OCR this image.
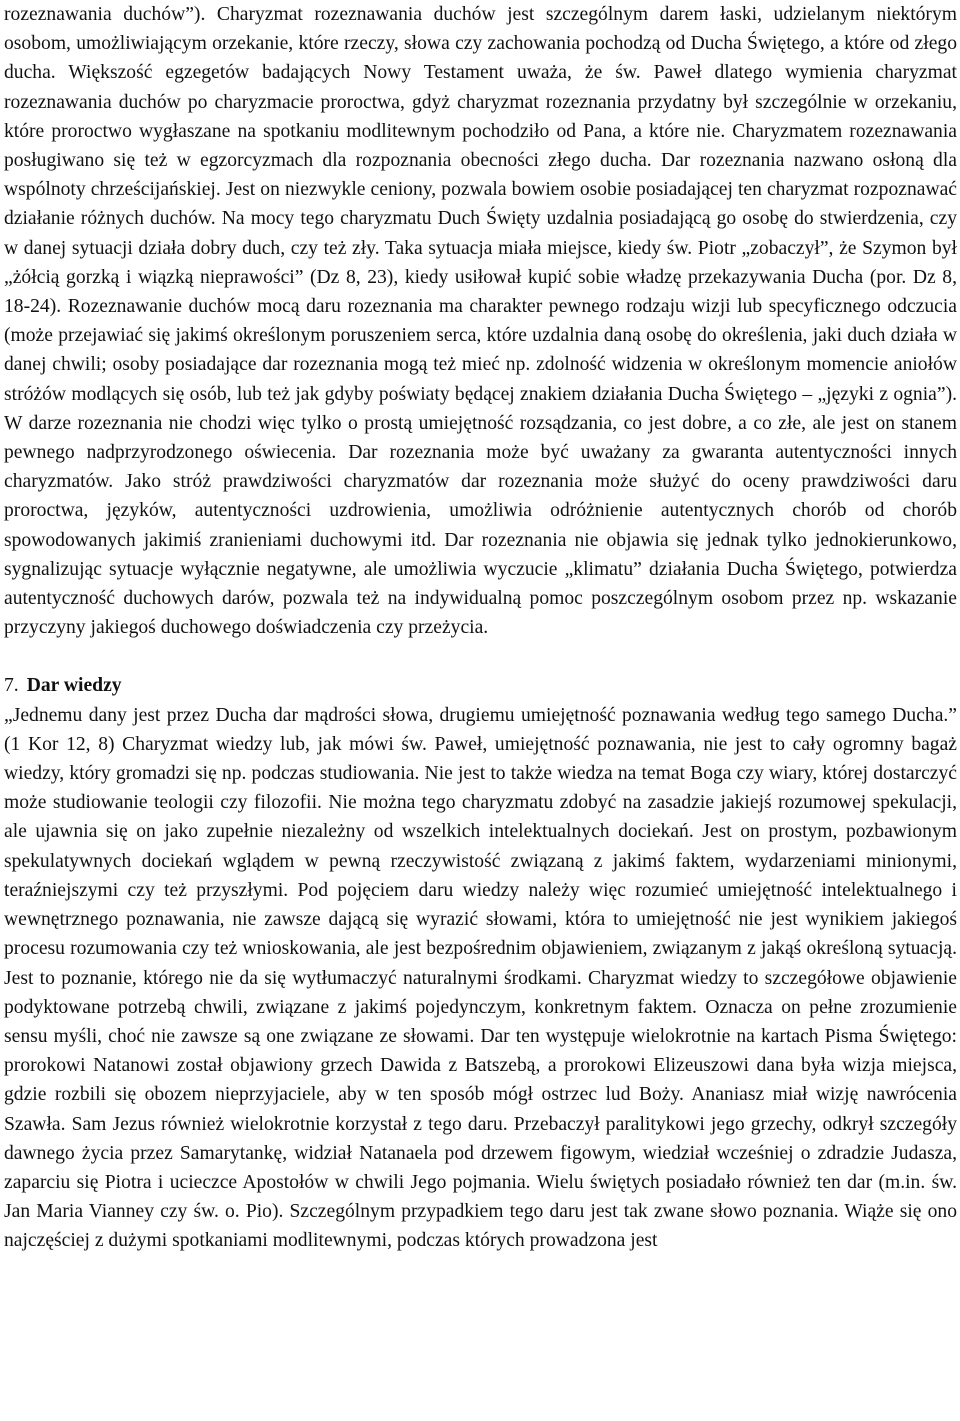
rozeznawania duchów”). Charyzmat rozeznawania duchów jest szczególnym darem łaski, udzielanym niektórym osobom, umożliwiającym orzekanie, które rzeczy, słowa czy zachowania pochodzą od Ducha Świętego, a które od złego ducha. Większość egzegetów badających Nowy Testament uważa, że św. Paweł dlatego wymienia charyzmat rozeznawania duchów po charyzmacie proroctwa, gdyż charyzmat rozeznania przydatny był szczególnie w orzekaniu, które proroctwo wygłaszane na spotkaniu modlitewnym pochodziło od Pana, a które nie. Charyzmatem rozeznawania posługiwano się też w egzorcyzmach dla rozpoznania obecności złego ducha. Dar rozeznania nazwano osłoną dla wspólnoty chrześcijańskiej. Jest on niezwykle ceniony, pozwala bowiem osobie posiadającej ten charyzmat rozpoznawać działanie różnych duchów. Na mocy tego charyzmatu Duch Święty uzdalnia posiadającą go osobę do stwierdzenia, czy w danej sytuacji działa dobry duch, czy też zły. Taka sytuacja miała miejsce, kiedy św. Piotr „zobaczył”, że Szymon był „żółcią gorzką i wiązką nieprawości” (Dz 8, 23), kiedy usiłował kupić sobie władzę przekazywania Ducha (por. Dz 8, 18-24). Rozeznawanie duchów mocą daru rozeznania ma charakter pewnego rodzaju wizji lub specyficznego odczucia (może przejawiać się jakimś określonym poruszeniem serca, które uzdalnia daną osobę do określenia, jaki duch działa w danej chwili; osoby posiadające dar rozeznania mogą też mieć np. zdolność widzenia w określonym momencie aniołów stróżów modlących się osób, lub też jak gdyby poświaty będącej znakiem działania Ducha Świętego – „języki z ognia”). W darze rozeznania nie chodzi więc tylko o prostą umiejętność rozsądzania, co jest dobre, a co złe, ale jest on stanem pewnego nadprzyrodzonego oświecenia. Dar rozeznania może być uważany za gwaranta autentyczności innych charyzmatów. Jako stróż prawdziwości charyzmatów dar rozeznania może służyć do oceny prawdziwości daru proroctwa, języków, autentyczności uzdrowienia, umożliwia odróżnienie autentycznych chorób od chorób spowodowanych jakimiś zranieniami duchowymi itd. Dar rozeznania nie objawia się jednak tylko jednokierunkowo, sygnalizując sytuacje wyłącznie negatywne, ale umożliwia wyczucie „klimatu” działania Ducha Świętego, potwierdza autentyczność duchowych darów, pozwala też na indywidualną pomoc poszczególnym osobom przez np. wskazanie przyczyny jakiegoś duchowego doświadczenia czy przeżycia.

7. Dar wiedzy

„Jednemu dany jest przez Ducha dar mądrości słowa, drugiemu umiejętność poznawania według tego samego Ducha.” (1 Kor 12, 8) Charyzmat wiedzy lub, jak mówi św. Paweł, umiejętność poznawania, nie jest to cały ogromny bagaż wiedzy, który gromadzi się np. podczas studiowania. Nie jest to także wiedza na temat Boga czy wiary, której dostarczyć może studiowanie teologii czy filozofii. Nie można tego charyzmatu zdobyć na zasadzie jakiejś rozumowej spekulacji, ale ujawnia się on jako zupełnie niezależny od wszelkich intelektualnych dociekań. Jest on prostym, pozbawionym spekulatywnych dociekań wglądem w pewną rzeczywistość związaną z jakimś faktem, wydarzeniami minionymi, teraźniejszymi czy też przyszłymi. Pod pojęciem daru wiedzy należy więc rozumieć umiejętność intelektualnego i wewnętrznego poznawania, nie zawsze dającą się wyrazić słowami, która to umiejętność nie jest wynikiem jakiegoś procesu rozumowania czy też wnioskowania, ale jest bezpośrednim objawieniem, związanym z jakąś określoną sytuacją. Jest to poznanie, którego nie da się wytłumaczyć naturalnymi środkami. Charyzmat wiedzy to szczegółowe objawienie podyktowane potrzebą chwili, związane z jakimś pojedynczym, konkretnym faktem. Oznacza on pełne zrozumienie sensu myśli, choć nie zawsze są one związane ze słowami. Dar ten występuje wielokrotnie na kartach Pisma Świętego: prorokowi Natanowi został objawiony grzech Dawida z Batszebą, a prorokowi Elizeuszowi dana była wizja miejsca, gdzie rozbili się obozem nieprzyjaciele, aby w ten sposób mógł ostrzec lud Boży. Ananiasz miał wizję nawrócenia Szawła. Sam Jezus również wielokrotnie korzystał z tego daru. Przebaczył paralitykowi jego grzechy, odkrył szczegóły dawnego życia przez Samarytankę, widział Natanaela pod drzewem figowym, wiedział wcześniej o zdradzie Judasza, zaparciu się Piotra i ucieczce Apostołów w chwili Jego pojmania. Wielu świętych posiadało również ten dar (m.in. św. Jan Maria Vianney czy św. o. Pio). Szczególnym przypadkiem tego daru jest tak zwane słowo poznania. Wiąże się ono najczęściej z dużymi spotkaniami modlitewnymi, podczas których prowadzona jest
